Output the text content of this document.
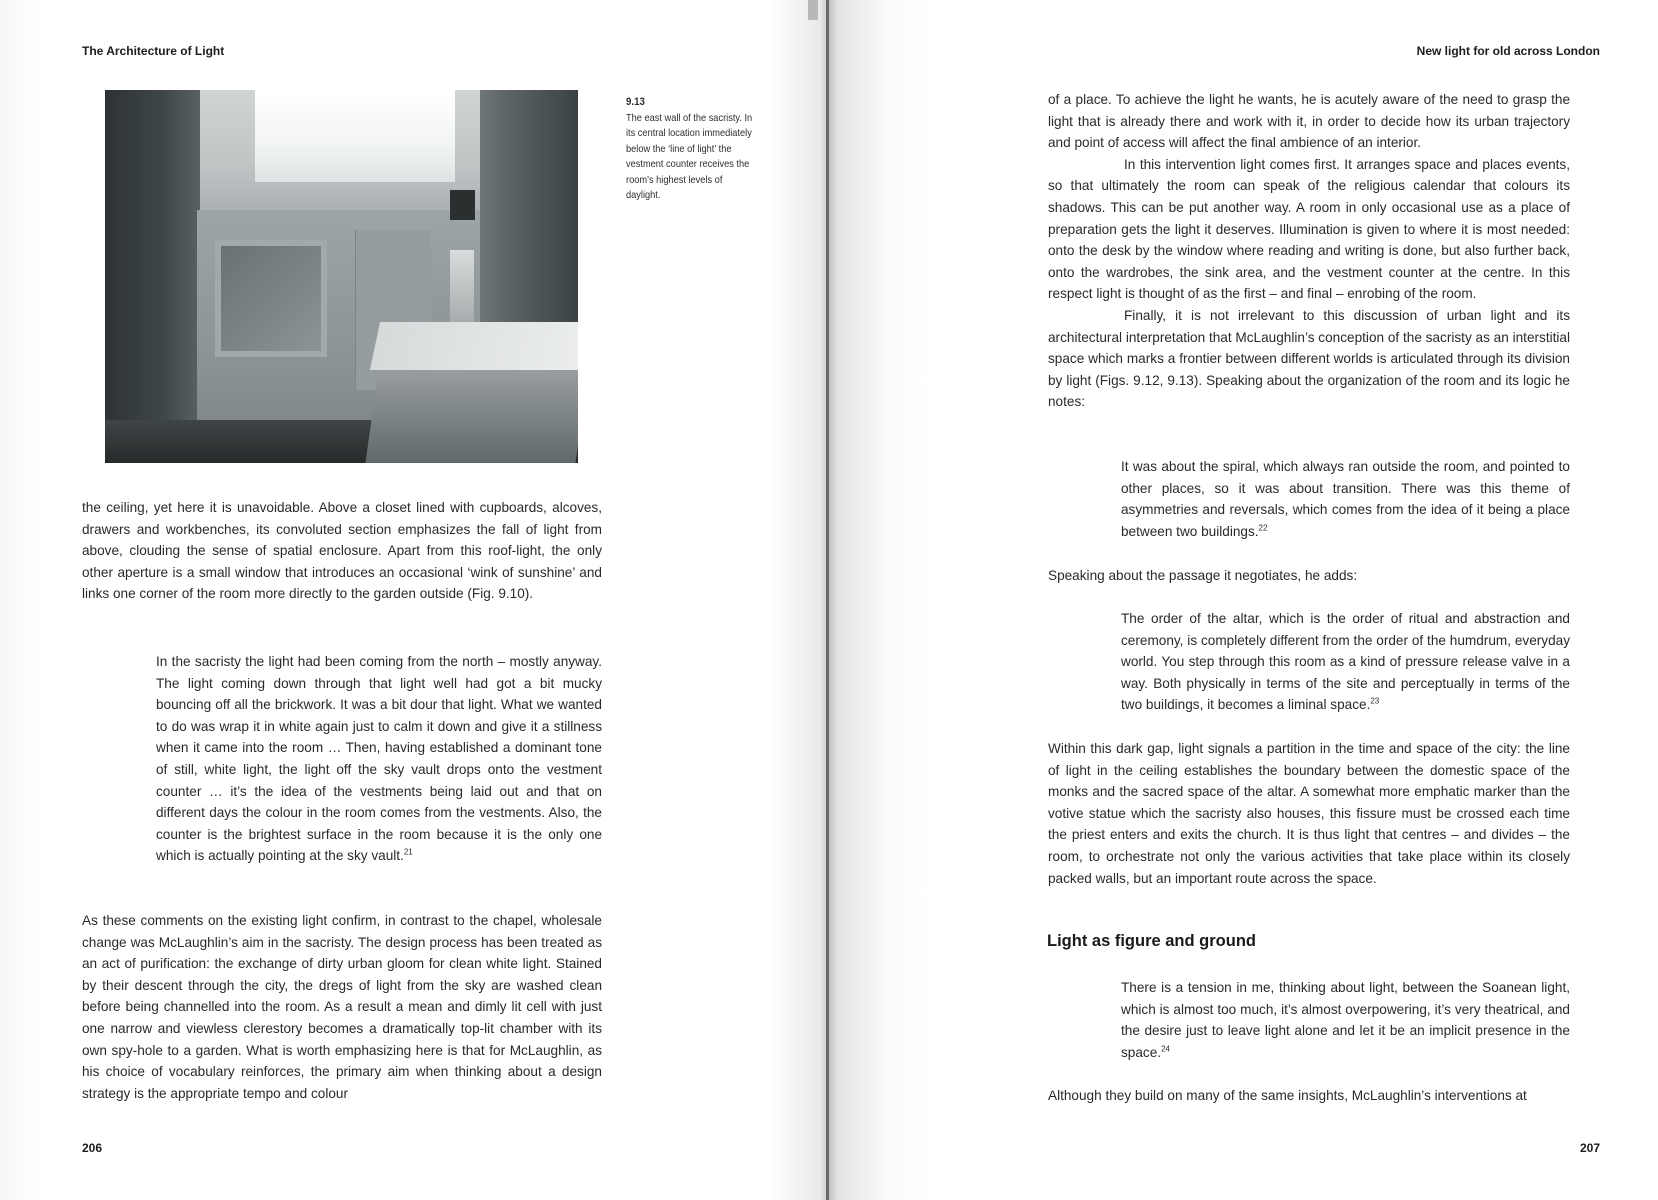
The Architecture of Light
9.13
The east wall of the sacristy. In its central location immediately below the ‘line of light’ the vestment counter receives the room’s highest levels of daylight.

the ceiling, yet here it is unavoidable. Above a closet lined with cupboards, alcoves, drawers and workbenches, its convoluted section emphasizes the fall of light from above, clouding the sense of spatial enclosure. Apart from this roof-light, the only other aperture is a small window that introduces an occasional ‘wink of sunshine’ and links one corner of the room more directly to the garden outside (Fig. 9.10).

In the sacristy the light had been coming from the north – mostly anyway. The light coming down through that light well had got a bit mucky bouncing off all the brickwork. It was a bit dour that light. What we wanted to do was wrap it in white again just to calm it down and give it a stillness when it came into the room … Then, having established a dominant tone of still, white light, the light off the sky vault drops onto the vestment counter … it’s the idea of the vestments being laid out and that on different days the colour in the room comes from the vestments. Also, the counter is the brightest surface in the room because it is the only one which is actually pointing at the sky vault.$^{21}$

As these comments on the existing light confirm, in contrast to the chapel, wholesale change was McLaughlin’s aim in the sacristy. The design process has been treated as an act of purification: the exchange of dirty urban gloom for clean white light. Stained by their descent through the city, the dregs of light from the sky are washed clean before being channelled into the room. As a result a mean and dimly lit cell with just one narrow and viewless clerestory becomes a dramatically top-lit chamber with its own spy-hole to a garden. What is worth emphasizing here is that for McLaughlin, as his choice of vocabulary reinforces, the primary aim when thinking about a design strategy is the appropriate tempo and colour

206
New light for old across London

of a place. To achieve the light he wants, he is acutely aware of the need to grasp the light that is already there and work with it, in order to decide how its urban trajectory and point of access will affect the final ambience of an interior.

In this intervention light comes first. It arranges space and places events, so that ultimately the room can speak of the religious calendar that colours its shadows. This can be put another way. A room in only occasional use as a place of preparation gets the light it deserves. Illumination is given to where it is most needed: onto the desk by the window where reading and writing is done, but also further back, onto the wardrobes, the sink area, and the vestment counter at the centre. In this respect light is thought of as the first – and final – enrobing of the room.

Finally, it is not irrelevant to this discussion of urban light and its architectural interpretation that McLaughlin’s conception of the sacristy as an interstitial space which marks a frontier between different worlds is articulated through its division by light (Figs. 9.12, 9.13). Speaking about the organization of the room and its logic he notes:

It was about the spiral, which always ran outside the room, and pointed to other places, so it was about transition. There was this theme of asymmetries and reversals, which comes from the idea of it being a place between two buildings.$^{22}$

Speaking about the passage it negotiates, he adds:

The order of the altar, which is the order of ritual and abstraction and ceremony, is completely different from the order of the humdrum, everyday world. You step through this room as a kind of pressure release valve in a way. Both physically in terms of the site and perceptually in terms of the two buildings, it becomes a liminal space.$^{23}$

Within this dark gap, light signals a partition in the time and space of the city: the line of light in the ceiling establishes the boundary between the domestic space of the monks and the sacred space of the altar. A somewhat more emphatic marker than the votive statue which the sacristy also houses, this fissure must be crossed each time the priest enters and exits the church. It is thus light that centres – and divides – the room, to orchestrate not only the various activities that take place within its closely packed walls, but an important route across the space.

Light as figure and ground

There is a tension in me, thinking about light, between the Soanean light, which is almost too much, it’s almost overpowering, it’s very theatrical, and the desire just to leave light alone and let it be an implicit presence in the space.$^{24}$

Although they build on many of the same insights, McLaughlin’s interventions at

207
